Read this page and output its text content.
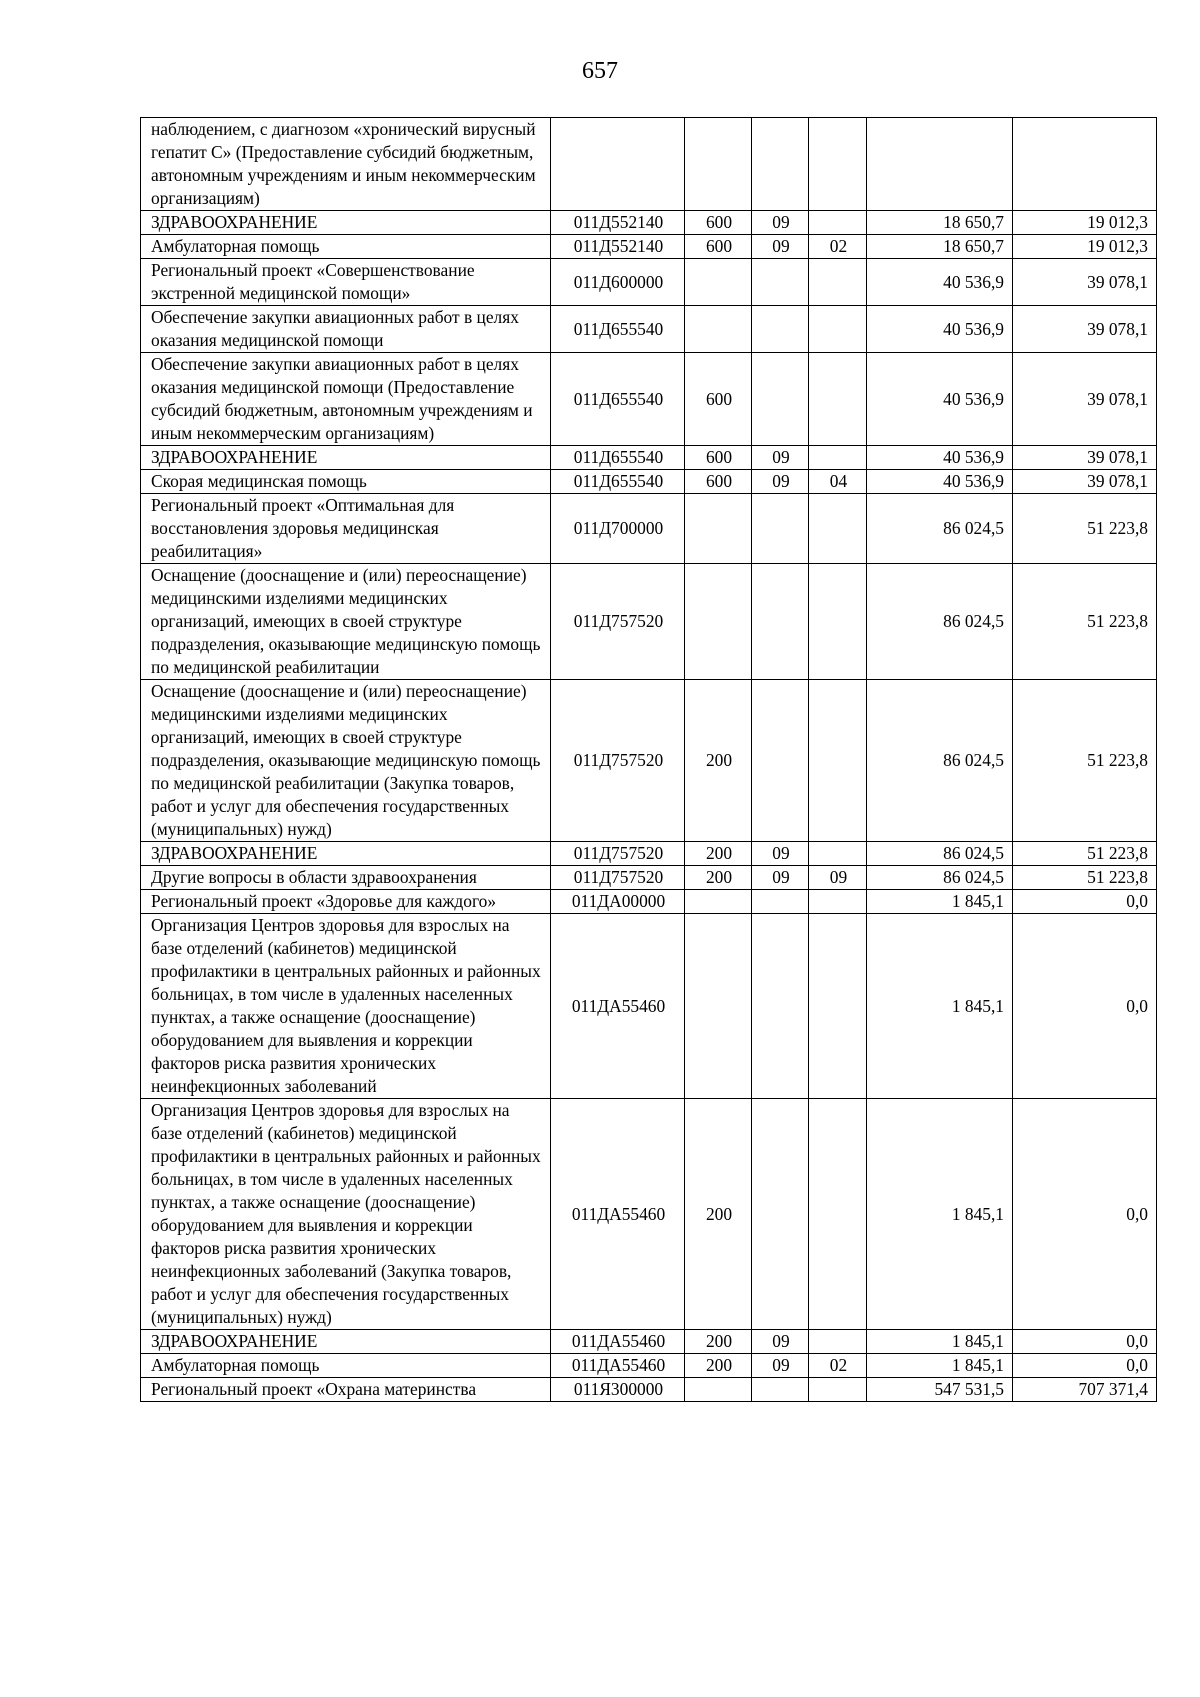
657
наблюдением, с диагнозом «хронический вирусный гепатит С» (Предоставление субсидий бюджетным, автономным учреждениям и иным некоммерческим организациям)						
ЗДРАВООХРАНЕНИЕ	011Д552140	600	09		18 650,7	19 012,3
Амбулаторная помощь	011Д552140	600	09	02	18 650,7	19 012,3
Региональный проект «Совершенствование экстренной медицинской помощи»	011Д600000				40 536,9	39 078,1
Обеспечение закупки авиационных работ в целях оказания медицинской помощи	011Д655540				40 536,9	39 078,1
Обеспечение закупки авиационных работ в целях оказания медицинской помощи (Предоставление субсидий бюджетным, автономным учреждениям и иным некоммерческим организациям)	011Д655540	600			40 536,9	39 078,1
ЗДРАВООХРАНЕНИЕ	011Д655540	600	09		40 536,9	39 078,1
Скорая медицинская помощь	011Д655540	600	09	04	40 536,9	39 078,1
Региональный проект «Оптимальная для восстановления здоровья медицинская реабилитация»	011Д700000				86 024,5	51 223,8
Оснащение (дооснащение и (или) переоснащение) медицинскими изделиями медицинских организаций, имеющих в своей структуре подразделения, оказывающие медицинскую помощь по медицинской реабилитации	011Д757520				86 024,5	51 223,8
Оснащение (дооснащение и (или) переоснащение) медицинскими изделиями медицинских организаций, имеющих в своей структуре подразделения, оказывающие медицинскую помощь по медицинской реабилитации (Закупка товаров, работ и услуг для обеспечения государственных (муниципальных) нужд)	011Д757520	200			86 024,5	51 223,8
ЗДРАВООХРАНЕНИЕ	011Д757520	200	09		86 024,5	51 223,8
Другие вопросы в области здравоохранения	011Д757520	200	09	09	86 024,5	51 223,8
Региональный проект «Здоровье для каждого»	011ДА00000				1 845,1	0,0
Организация Центров здоровья для взрослых на базе отделений (кабинетов) медицинской профилактики в центральных районных и районных больницах, в том числе в удаленных населенных пунктах, а также оснащение (дооснащение) оборудованием для выявления и коррекции факторов риска развития хронических неинфекционных заболеваний	011ДА55460				1 845,1	0,0
Организация Центров здоровья для взрослых на базе отделений (кабинетов) медицинской профилактики в центральных районных и районных больницах, в том числе в удаленных населенных пунктах, а также оснащение (дооснащение) оборудованием для выявления и коррекции факторов риска развития хронических неинфекционных заболеваний (Закупка товаров, работ и услуг для обеспечения государственных (муниципальных) нужд)	011ДА55460	200			1 845,1	0,0
ЗДРАВООХРАНЕНИЕ	011ДА55460	200	09		1 845,1	0,0
Амбулаторная помощь	011ДА55460	200	09	02	1 845,1	0,0
Региональный проект «Охрана материнства	011Я300000				547 531,5	707 371,4
